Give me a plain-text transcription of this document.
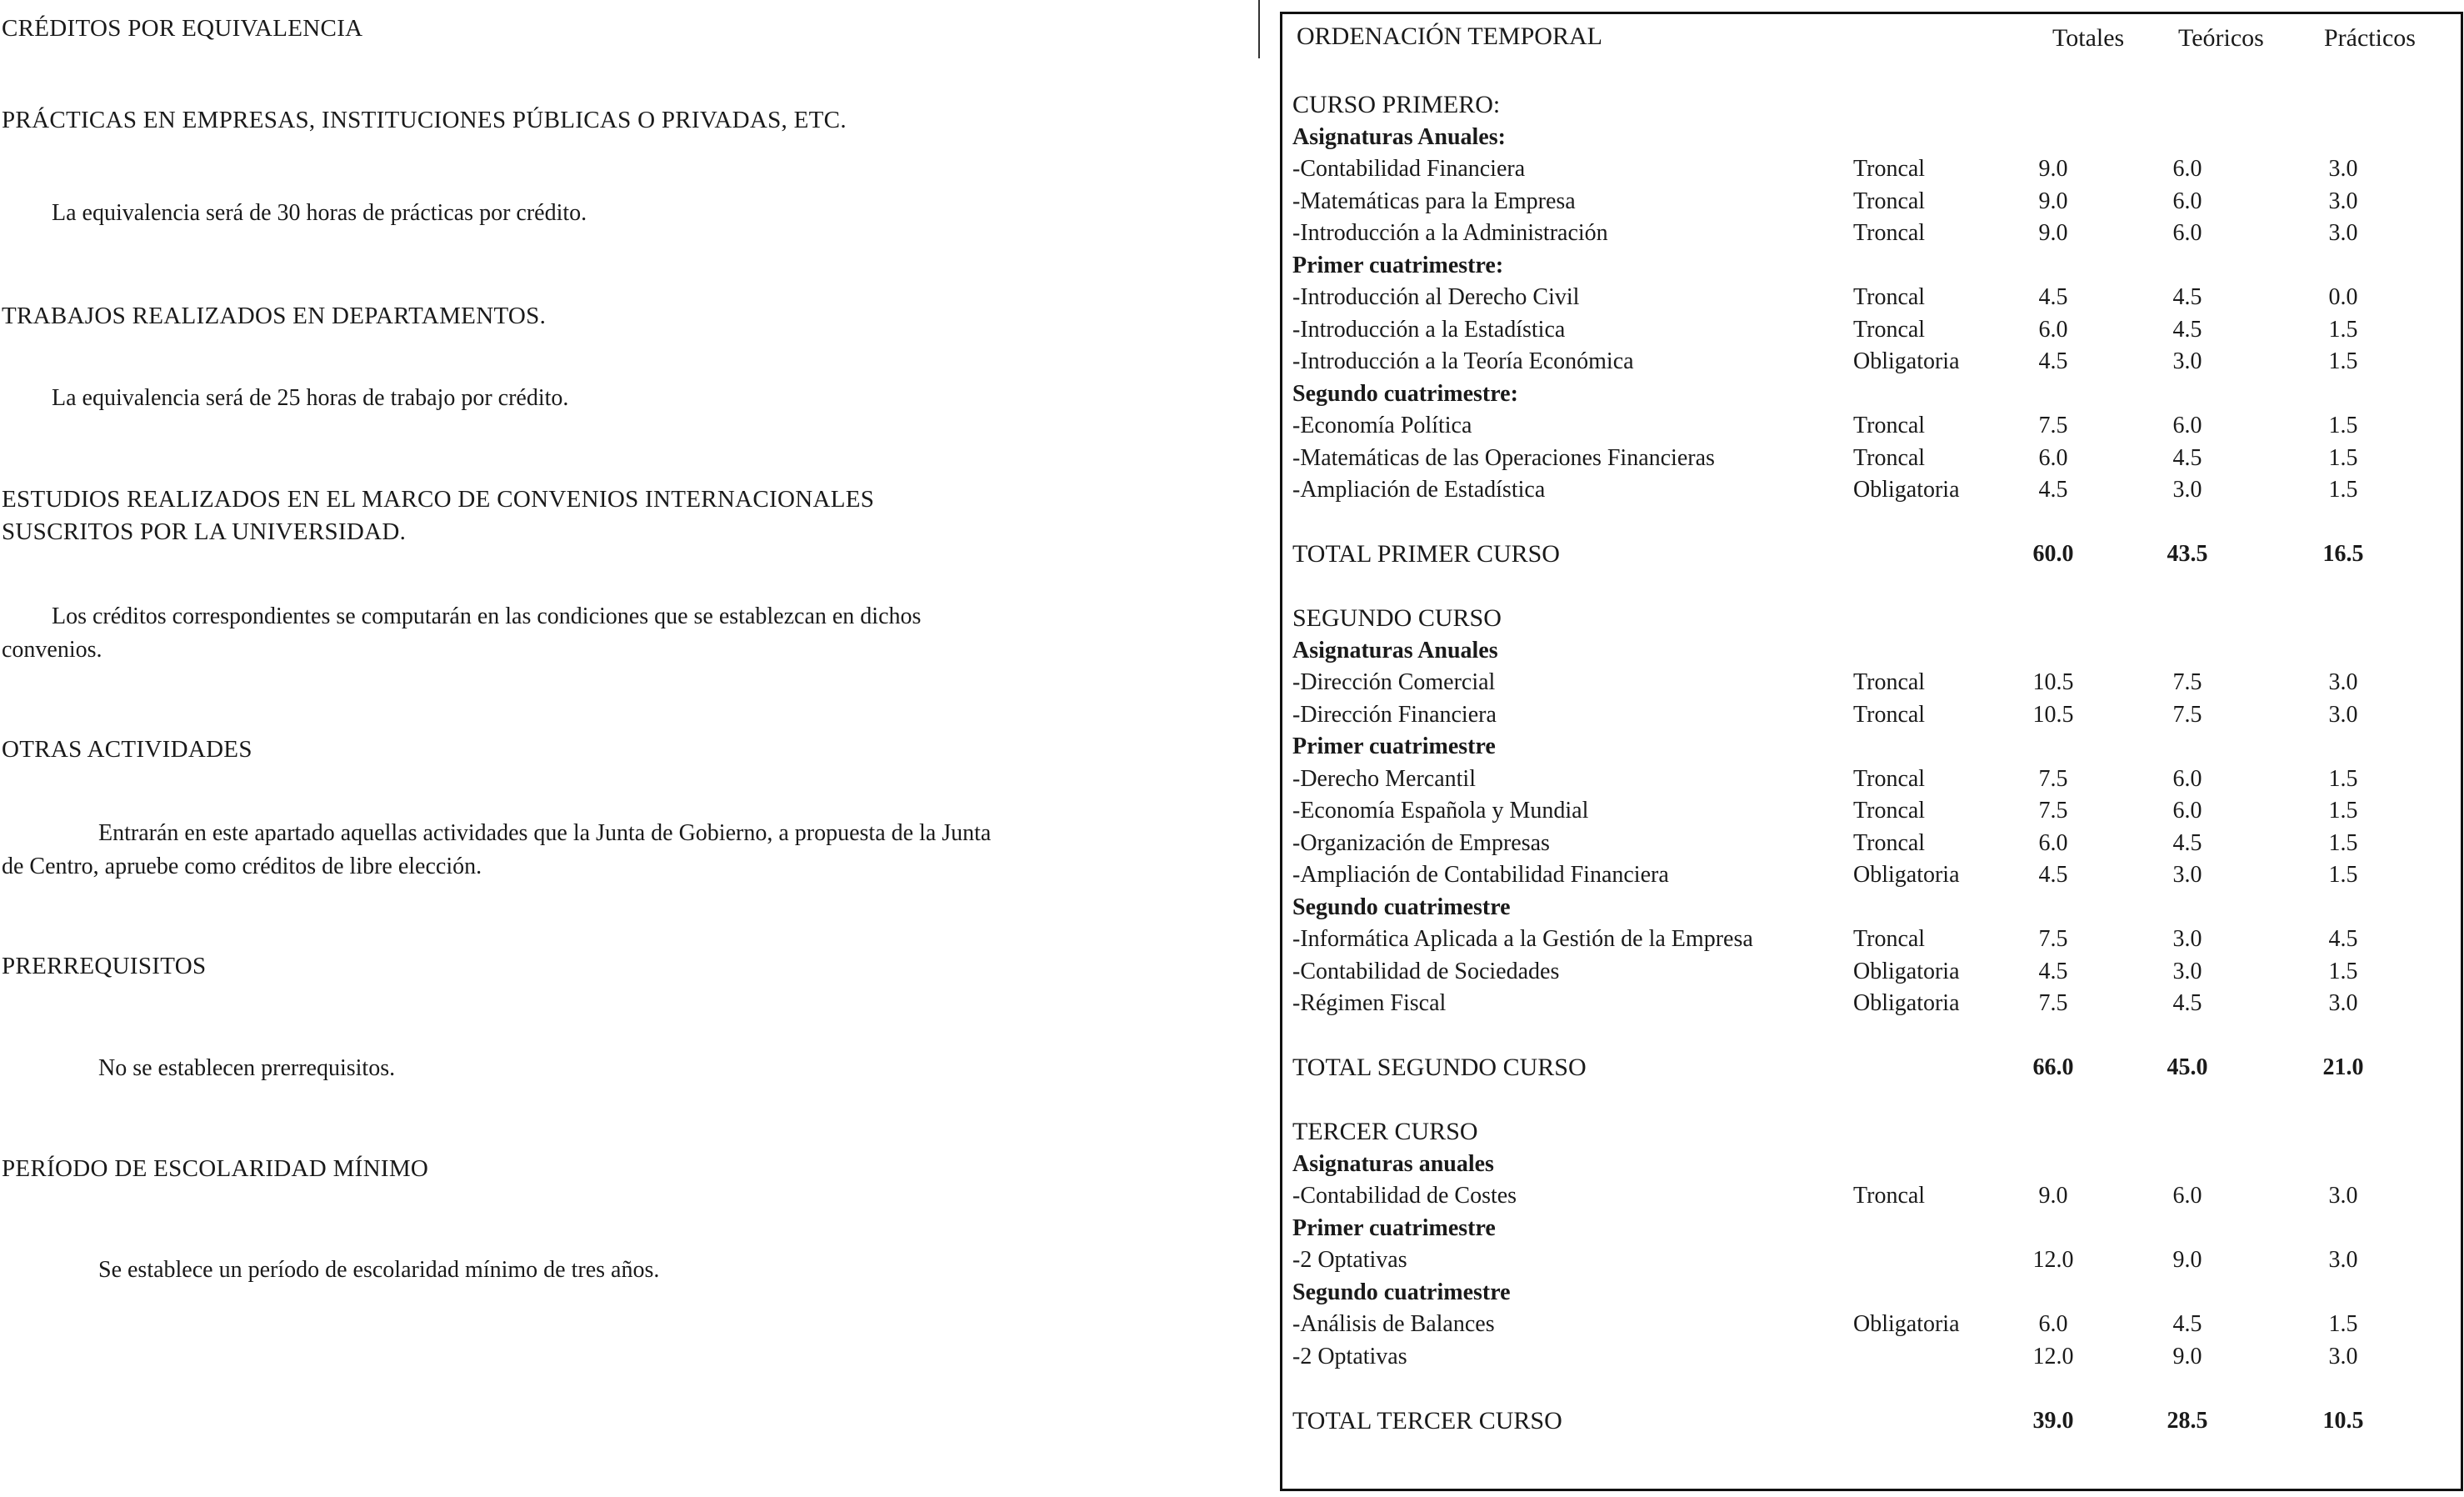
CRÉDITOS POR EQUIVALENCIA
PRÁCTICAS EN EMPRESAS, INSTITUCIONES PÚBLICAS O PRIVADAS, ETC.
La equivalencia será de 30 horas de prácticas por crédito.
TRABAJOS REALIZADOS EN DEPARTAMENTOS.
La equivalencia será de 25 horas de trabajo por crédito.
ESTUDIOS REALIZADOS EN EL MARCO DE CONVENIOS INTERNACIONALES
SUSCRITOS POR LA UNIVERSIDAD.
Los créditos correspondientes se computarán en las condiciones que se establezcan en dichos
convenios.
OTRAS ACTIVIDADES
Entrarán en este apartado aquellas actividades que la Junta de Gobierno, a propuesta de la Junta
de Centro, apruebe como créditos de libre elección.
PRERREQUISITOS
No se establecen prerrequisitos.
PERÍODO DE ESCOLARIDAD MÍNIMO
Se establece un período de escolaridad mínimo de tres años.
ORDENACIÓN TEMPORAL	Totales Teóricos Prácticos
CURSO PRIMERO:
Asignaturas Anuales:
-Contabilidad Financiera	Troncal	9.0	6.0	3.0
-Matemáticas para la Empresa	Troncal	9.0	6.0	3.0
-Introducción a la Administración	Troncal	9.0	6.0	3.0
Primer cuatrimestre:
-Introducción al Derecho Civil	Troncal	4.5	4.5	0.0
-Introducción a la Estadística	Troncal	6.0	4.5	1.5
-Introducción a la Teoría Económica	Obligatoria	4.5	3.0	1.5
Segundo cuatrimestre:
-Economía Política	Troncal	7.5	6.0	1.5
-Matemáticas de las Operaciones Financieras	Troncal	6.0	4.5	1.5
-Ampliación de Estadística	Obligatoria	4.5	3.0	1.5
TOTAL PRIMER CURSO	60.0	43.5	16.5
SEGUNDO CURSO
Asignaturas Anuales
-Dirección Comercial	Troncal	10.5	7.5	3.0
-Dirección Financiera	Troncal	10.5	7.5	3.0
Primer cuatrimestre
-Derecho Mercantil	Troncal	7.5	6.0	1.5
-Economía Española y Mundial	Troncal	7.5	6.0	1.5
-Organización de Empresas	Troncal	6.0	4.5	1.5
-Ampliación de Contabilidad Financiera	Obligatoria	4.5	3.0	1.5
Segundo cuatrimestre
-Informática Aplicada a la Gestión de la Empresa	Troncal	7.5	3.0	4.5
-Contabilidad de Sociedades	Obligatoria	4.5	3.0	1.5
-Régimen Fiscal	Obligatoria	7.5	4.5	3.0
TOTAL SEGUNDO CURSO	66.0	45.0	21.0
TERCER CURSO
Asignaturas anuales
-Contabilidad de Costes	Troncal	9.0	6.0	3.0
Primer cuatrimestre
-2 Optativas	12.0	9.0	3.0
Segundo cuatrimestre
-Análisis de Balances	Obligatoria	6.0	4.5	1.5
-2 Optativas	12.0	9.0	3.0
TOTAL TERCER CURSO	39.0	28.5	10.5
